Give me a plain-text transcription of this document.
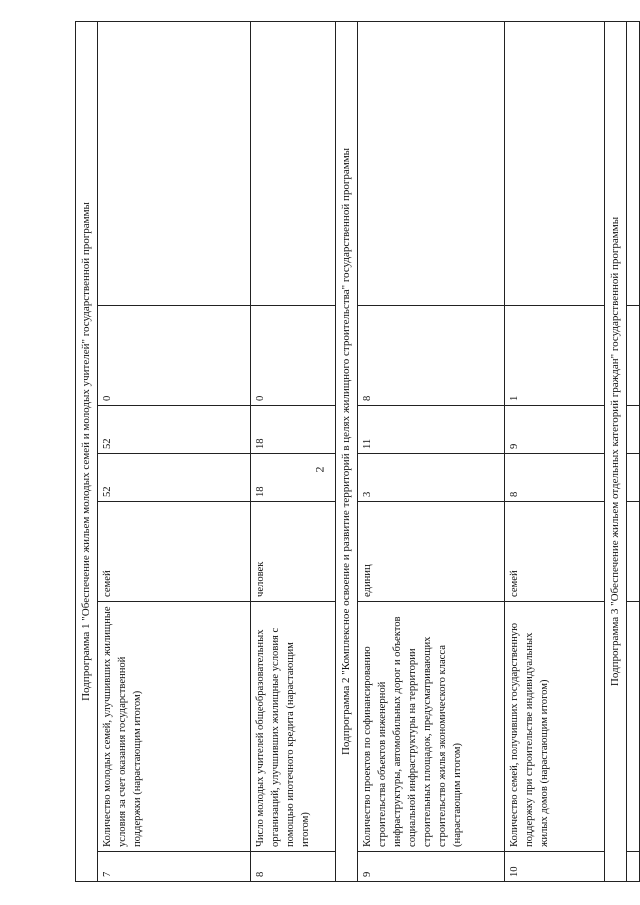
2
Подпрограмма 1 "Обеспечение жильем молодых семей и молодых учителей" государственной программы						
7	Количество молодых семей, улучшивших жилищные условия за счет оказания государственной поддержки (нарастающим итогом)	семей	52	52	0	
8	Число молодых учителей общеобразовательных организаций, улучшивших жилищные условия с помощью ипотечного кредита (нарастающим итогом)	человек	18	18	0	
Подпрограмма 2 "Комплексное освоение и развитие территорий в целях жилищного строительства" государственной программы						
9	Количество проектов по софинансированию строительства объектов инженерной инфраструктуры, автомобильных дорог и объектов социальной инфраструктуры на территории строительных площадок, предусматривающих строительство жилья экономического класса (нарастающим итогом)	единиц	3	11	8	
10	Количество семей, получивших государственную поддержку при строительстве индивидуальных жилых домов (нарастающим итогом)	семей	8	9	1	
Подпрограмма 3 "Обеспечение жильем отдельных категорий граждан" государственной программы						
